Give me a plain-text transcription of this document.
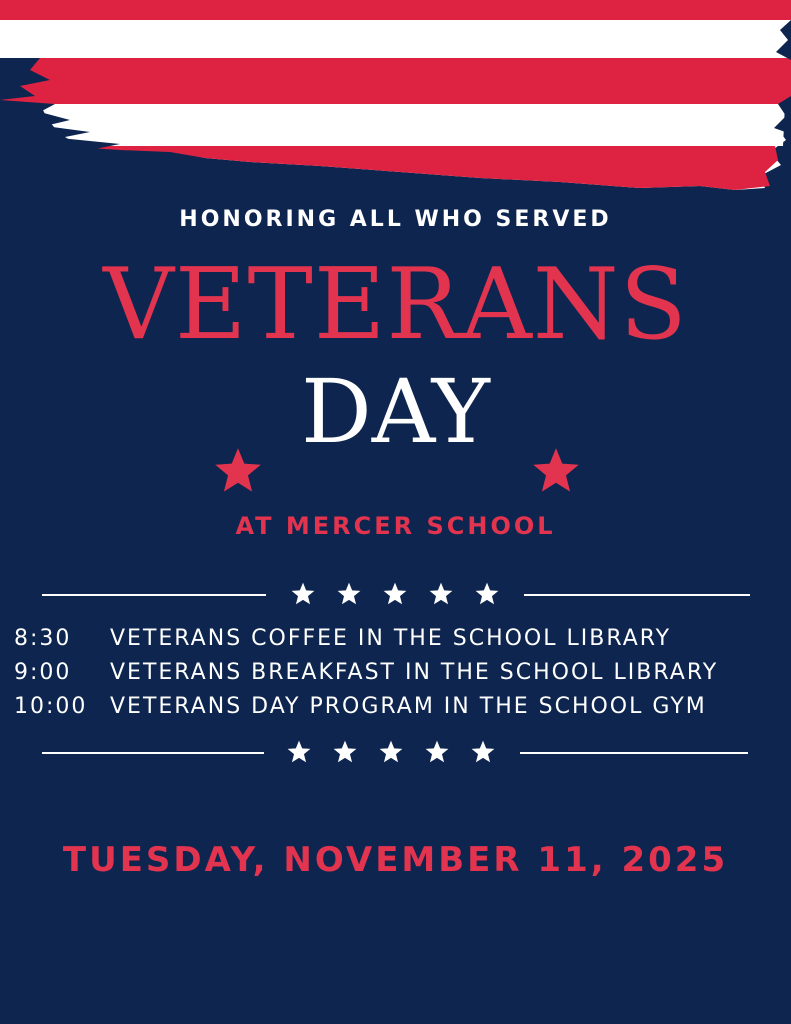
HONORING ALL WHO SERVED
VETERANS
DAY
AT MERCER SCHOOL
8:30	VETERANS COFFEE IN THE SCHOOL LIBRARY
9:00	VETERANS BREAKFAST IN THE SCHOOL LIBRARY
10:00	VETERANS DAY PROGRAM IN THE SCHOOL GYM
TUESDAY, NOVEMBER 11, 2025
